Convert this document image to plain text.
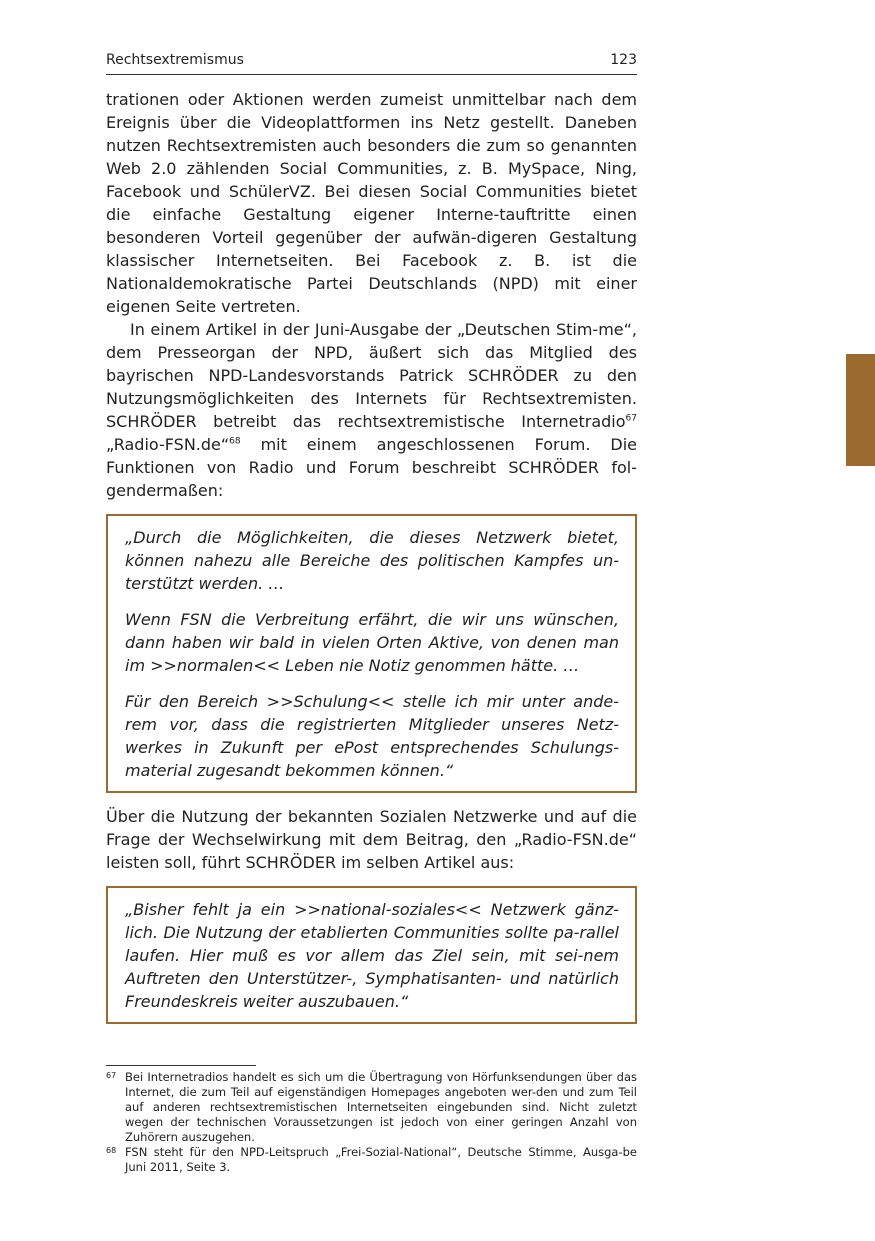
Rechtsextremismus	123

trationen oder Aktionen werden zumeist unmittelbar nach dem Ereignis über die Videoplattformen ins Netz gestellt. Daneben nutzen Rechtsextremisten auch besonders die zum so genannten Web 2.0 zählenden Social Communities, z. B. MySpace, Ning, Facebook und SchülerVZ. Bei diesen Social Communities bietet die einfache Gestaltung eigener Interne-tauftritte einen besonderen Vorteil gegenüber der aufwän-digeren Gestaltung klassischer Internetseiten. Bei Facebook z. B. ist die Nationaldemokratische Partei Deutschlands (NPD) mit einer eigenen Seite vertreten.

In einem Artikel in der Juni-Ausgabe der „Deutschen Stim-me“, dem Presseorgan der NPD, äußert sich das Mitglied des bayrischen NPD-Landesvorstands Patrick SCHRÖDER zu den Nutzungsmöglichkeiten des Internets für Rechtsextremisten. SCHRÖDER betreibt das rechtsextremistische Internetradio$^{67}$ „Radio-FSN.de“$^{68}$ mit einem angeschlossenen Forum. Die Funktionen von Radio und Forum beschreibt SCHRÖDER fol-gendermaßen:

„Durch die Möglichkeiten, die dieses Netzwerk bietet, können nahezu alle Bereiche des politischen Kampfes un-terstützt werden. …

Wenn FSN die Verbreitung erfährt, die wir uns wünschen, dann haben wir bald in vielen Orten Aktive, von denen man im >>normalen<< Leben nie Notiz genommen hätte. …

Für den Bereich >>Schulung<< stelle ich mir unter ande-rem vor, dass die registrierten Mitglieder unseres Netz-werkes in Zukunft per ePost entsprechendes Schulungs-material zugesandt bekommen können.“

Über die Nutzung der bekannten Sozialen Netzwerke und auf die Frage der Wechselwirkung mit dem Beitrag, den „Radio-FSN.de“ leisten soll, führt SCHRÖDER im selben Artikel aus:

„Bisher fehlt ja ein >>national-soziales<< Netzwerk gänz-lich. Die Nutzung der etablierten Communities sollte pa-rallel laufen. Hier muß es vor allem das Ziel sein, mit sei-nem Auftreten den Unterstützer-, Symphatisanten- und natürlich Freundeskreis weiter auszubauen.“

67 Bei Internetradios handelt es sich um die Übertragung von Hörfunksendungen über das Internet, die zum Teil auf eigenständigen Homepages angeboten wer-den und zum Teil auf anderen rechtsextremistischen Internetseiten eingebunden sind. Nicht zuletzt wegen der technischen Voraussetzungen ist jedoch von einer geringen Anzahl von Zuhörern auszugehen.
68 FSN steht für den NPD-Leitspruch „Frei-Sozial-National“, Deutsche Stimme, Ausga-be Juni 2011, Seite 3.
